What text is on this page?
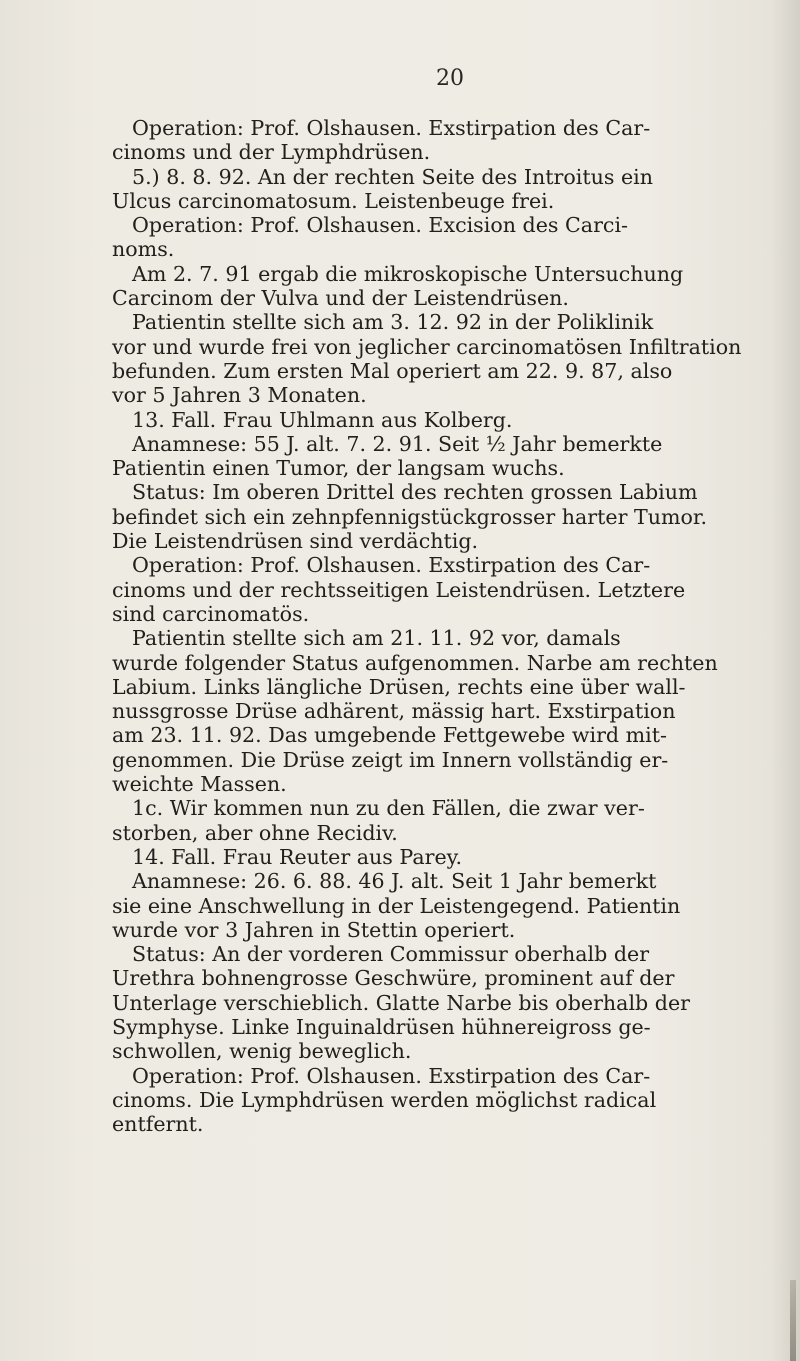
20
Operation: Prof. Olshausen. Exstirpation des Car-
cinoms und der Lymphdrüsen.
5.) 8. 8. 92. An der rechten Seite des Introitus ein
Ulcus carcinomatosum. Leistenbeuge frei.
Operation: Prof. Olshausen. Excision des Carci-
noms.
Am 2. 7. 91 ergab die mikroskopische Untersuchung
Carcinom der Vulva und der Leistendrüsen.
Patientin stellte sich am 3. 12. 92 in der Poliklinik
vor und wurde frei von jeglicher carcinomatösen Infiltration
befunden. Zum ersten Mal operiert am 22. 9. 87, also
vor 5 Jahren 3 Monaten.
13. Fall. Frau Uhlmann aus Kolberg.
Anamnese: 55 J. alt. 7. 2. 91. Seit ½ Jahr bemerkte
Patientin einen Tumor, der langsam wuchs.
Status: Im oberen Drittel des rechten grossen Labium
befindet sich ein zehnpfennigstückgrosser harter Tumor.
Die Leistendrüsen sind verdächtig.
Operation: Prof. Olshausen. Exstirpation des Car-
cinoms und der rechtsseitigen Leistendrüsen. Letztere
sind carcinomatös.
Patientin stellte sich am 21. 11. 92 vor, damals
wurde folgender Status aufgenommen. Narbe am rechten
Labium. Links längliche Drüsen, rechts eine über wall-
nussgrosse Drüse adhärent, mässig hart. Exstirpation
am 23. 11. 92. Das umgebende Fettgewebe wird mit-
genommen. Die Drüse zeigt im Innern vollständig er-
weichte Massen.
1c. Wir kommen nun zu den Fällen, die zwar ver-
storben, aber ohne Recidiv.
14. Fall. Frau Reuter aus Parey.
Anamnese: 26. 6. 88. 46 J. alt. Seit 1 Jahr bemerkt
sie eine Anschwellung in der Leistengegend. Patientin
wurde vor 3 Jahren in Stettin operiert.
Status: An der vorderen Commissur oberhalb der
Urethra bohnengrosse Geschwüre, prominent auf der
Unterlage verschieblich. Glatte Narbe bis oberhalb der
Symphyse. Linke Inguinaldrüsen hühnereigross ge-
schwollen, wenig beweglich.
Operation: Prof. Olshausen. Exstirpation des Car-
cinoms. Die Lymphdrüsen werden möglichst radical
entfernt.
